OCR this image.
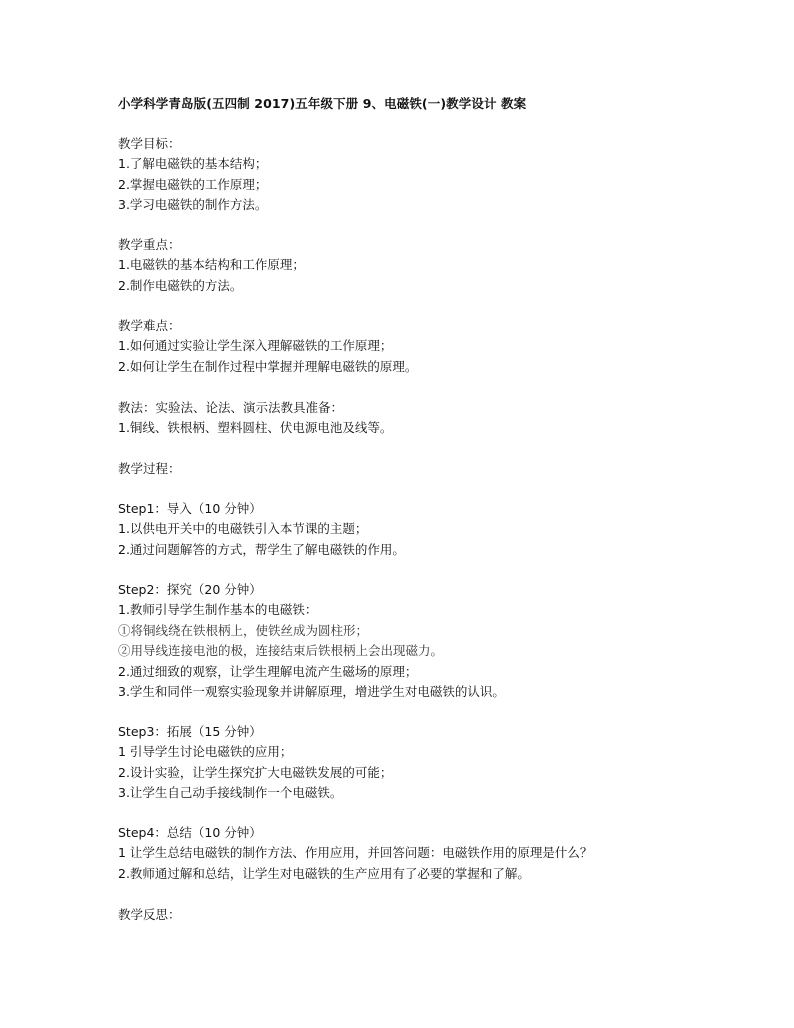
小学科学青岛版(五四制 2017)五年级下册 9、电磁铁(一)教学设计 教案
教学目标：
1.了解电磁铁的基本结构；
2.掌握电磁铁的工作原理；
3.学习电磁铁的制作方法。
教学重点：
1.电磁铁的基本结构和工作原理；
2.制作电磁铁的方法。
教学难点：
1.如何通过实验让学生深入理解磁铁的工作原理；
2.如何让学生在制作过程中掌握并理解电磁铁的原理。
教法：实验法、论法、演示法教具准备：
1.铜线、铁根柄、塑料圆柱、伏电源电池及线等。
教学过程：
Step1：导入（10 分钟）
1.以供电开关中的电磁铁引入本节课的主题；
2.通过问题解答的方式，帮学生了解电磁铁的作用。
Step2：探究（20 分钟）
1.教师引导学生制作基本的电磁铁：
①将铜线绕在铁根柄上，使铁丝成为圆柱形；
②用导线连接电池的极，连接结束后铁根柄上会出现磁力。
2.通过细致的观察，让学生理解电流产生磁场的原理；
3.学生和同伴一观察实验现象并讲解原理，增进学生对电磁铁的认识。
Step3：拓展（15 分钟）
1 引导学生讨论电磁铁的应用；
2.设计实验，让学生探究扩大电磁铁发展的可能；
3.让学生自己动手接线制作一个电磁铁。
Step4：总结（10 分钟）
1 让学生总结电磁铁的制作方法、作用应用，并回答问题：电磁铁作用的原理是什么？
2.教师通过解和总结，让学生对电磁铁的生产应用有了必要的掌握和了解。
教学反思：
